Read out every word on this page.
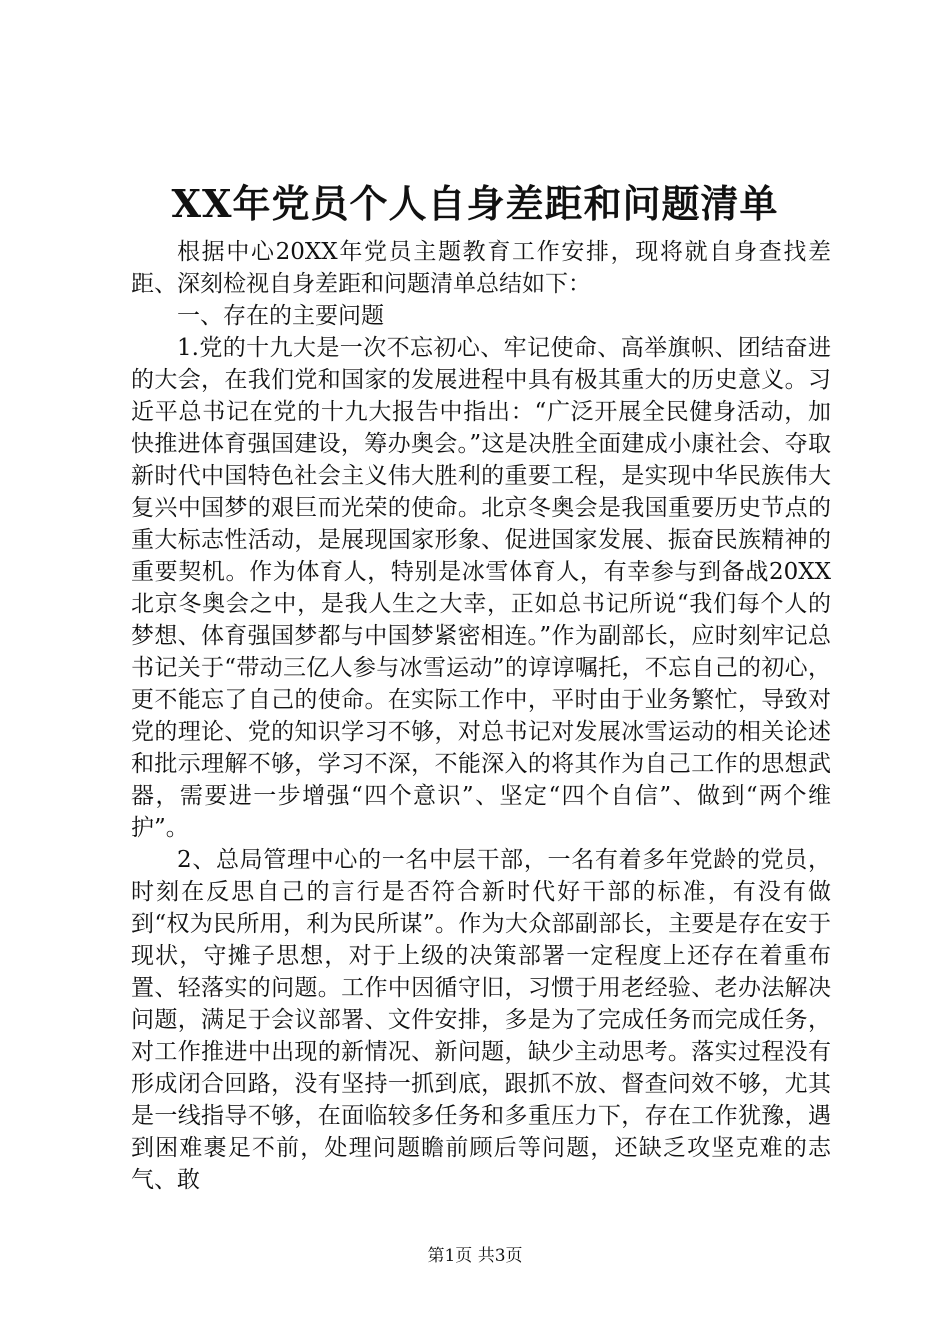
XX年党员个人自身差距和问题清单

根据中心20XX年党员主题教育工作安排，现将就自身查找差距、深刻检视自身差距和问题清单总结如下：

一、存在的主要问题

1.党的十九大是一次不忘初心、牢记使命、高举旗帜、团结奋进的大会，在我们党和国家的发展进程中具有极其重大的历史意义。习近平总书记在党的十九大报告中指出：“广泛开展全民健身活动，加快推进体育强国建设，筹办奥会。”这是决胜全面建成小康社会、夺取新时代中国特色社会主义伟大胜利的重要工程，是实现中华民族伟大复兴中国梦的艰巨而光荣的使命。北京冬奥会是我国重要历史节点的重大标志性活动，是展现国家形象、促进国家发展、振奋民族精神的重要契机。作为体育人，特别是冰雪体育人，有幸参与到备战20XX北京冬奥会之中，是我人生之大幸，正如总书记所说“我们每个人的梦想、体育强国梦都与中国梦紧密相连。”作为副部长，应时刻牢记总书记关于“带动三亿人参与冰雪运动”的谆谆嘱托，不忘自己的初心，更不能忘了自己的使命。在实际工作中，平时由于业务繁忙，导致对党的理论、党的知识学习不够，对总书记对发展冰雪运动的相关论述和批示理解不够，学习不深，不能深入的将其作为自己工作的思想武器，需要进一步增强“四个意识”、坚定“四个自信”、做到“两个维护”。

2、总局管理中心的一名中层干部，一名有着多年党龄的党员，时刻在反思自己的言行是否符合新时代好干部的标准，有没有做到“权为民所用，利为民所谋”。作为大众部副部长，主要是存在安于现状，守摊子思想，对于上级的决策部署一定程度上还存在着重布置、轻落实的问题。工作中因循守旧，习惯于用老经验、老办法解决问题，满足于会议部署、文件安排，多是为了完成任务而完成任务，对工作推进中出现的新情况、新问题，缺少主动思考。落实过程没有形成闭合回路，没有坚持一抓到底，跟抓不放、督查问效不够，尤其是一线指导不够，在面临较多任务和多重压力下，存在工作犹豫，遇到困难裹足不前，处理问题瞻前顾后等问题，还缺乏攻坚克难的志气、敢

第1页 共3页
